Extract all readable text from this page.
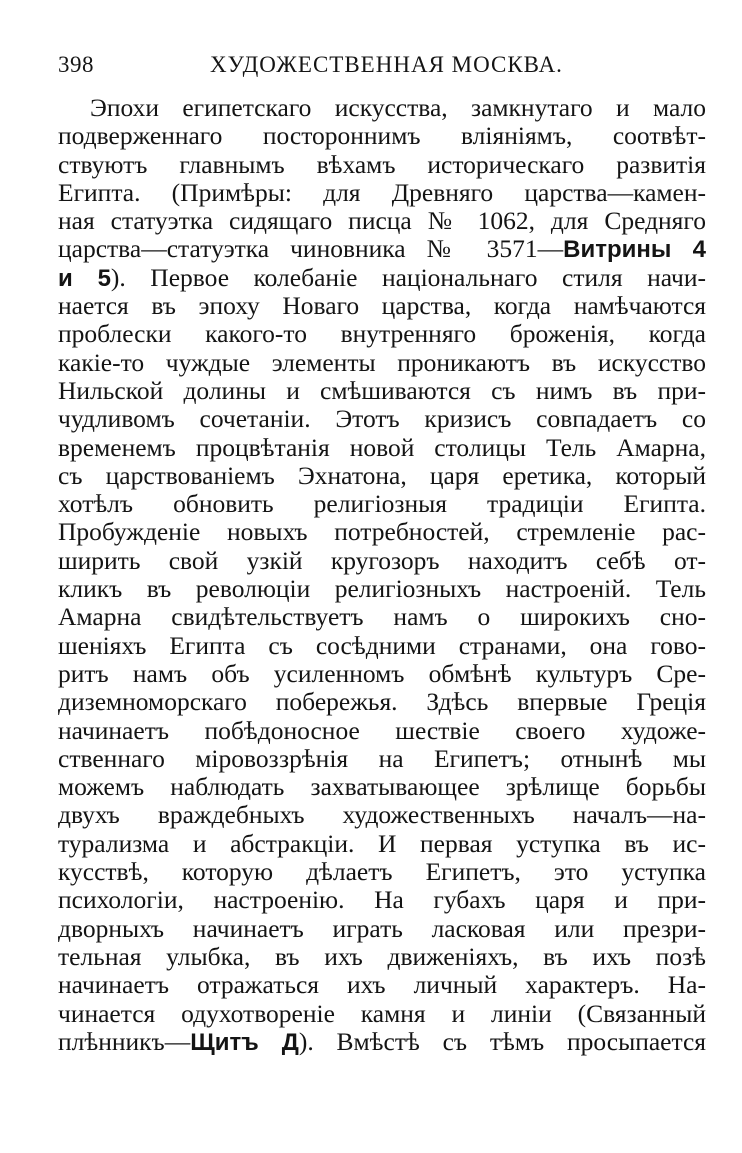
398	ХУДОЖЕСТВЕННАЯ МОСКВА.
Эпохи египетскаго искусства, замкнутаго и мало
подверженнаго постороннимъ вліяніямъ, соотвѣт-
ствуютъ главнымъ вѣхамъ историческаго развитія
Египта. (Примѣры: для Древняго царства—камен-
ная статуэтка сидящаго писца № 1062, для Средняго
царства—статуэтка чиновника № 3571—Витрины 4
и 5). Первое колебаніе національнаго стиля начи-
нается въ эпоху Новаго царства, когда намѣчаются
проблески какого-то внутренняго броженія, когда
какіе-то чуждые элементы проникаютъ въ искусство
Нильской долины и смѣшиваются съ нимъ въ при-
чудливомъ сочетаніи. Этотъ кризисъ совпадаетъ со
временемъ процвѣтанія новой столицы Тель Амарна,
съ царствованіемъ Эхнатона, царя еретика, который
хотѣлъ обновить религіозныя традиціи Египта.
Пробужденіе новыхъ потребностей, стремленіе рас-
ширить свой узкій кругозоръ находитъ себѣ от-
кликъ въ революціи религіозныхъ настроеній. Тель
Амарна свидѣтельствуетъ намъ о широкихъ сно-
шеніяхъ Египта съ сосѣдними странами, она гово-
ритъ намъ объ усиленномъ обмѣнѣ культуръ Сре-
диземноморскаго побережья. Здѣсь впервые Греція
начинаетъ побѣдоносное шествіе своего художе-
ственнаго міровоззрѣнія на Египетъ; отнынѣ мы
можемъ наблюдать захватывающее зрѣлище борьбы
двухъ враждебныхъ художественныхъ началъ—на-
турализма и абстракціи. И первая уступка въ ис-
кусствѣ, которую дѣлаетъ Египетъ, это уступка
психологіи, настроенію. На губахъ царя и при-
дворныхъ начинаетъ играть ласковая или презри-
тельная улыбка, въ ихъ движеніяхъ, въ ихъ позѣ
начинаетъ отражаться ихъ личный характеръ. На-
чинается одухотвореніе камня и линіи (Связанный
плѣнникъ—Щитъ Д). Вмѣстѣ съ тѣмъ просыпается
